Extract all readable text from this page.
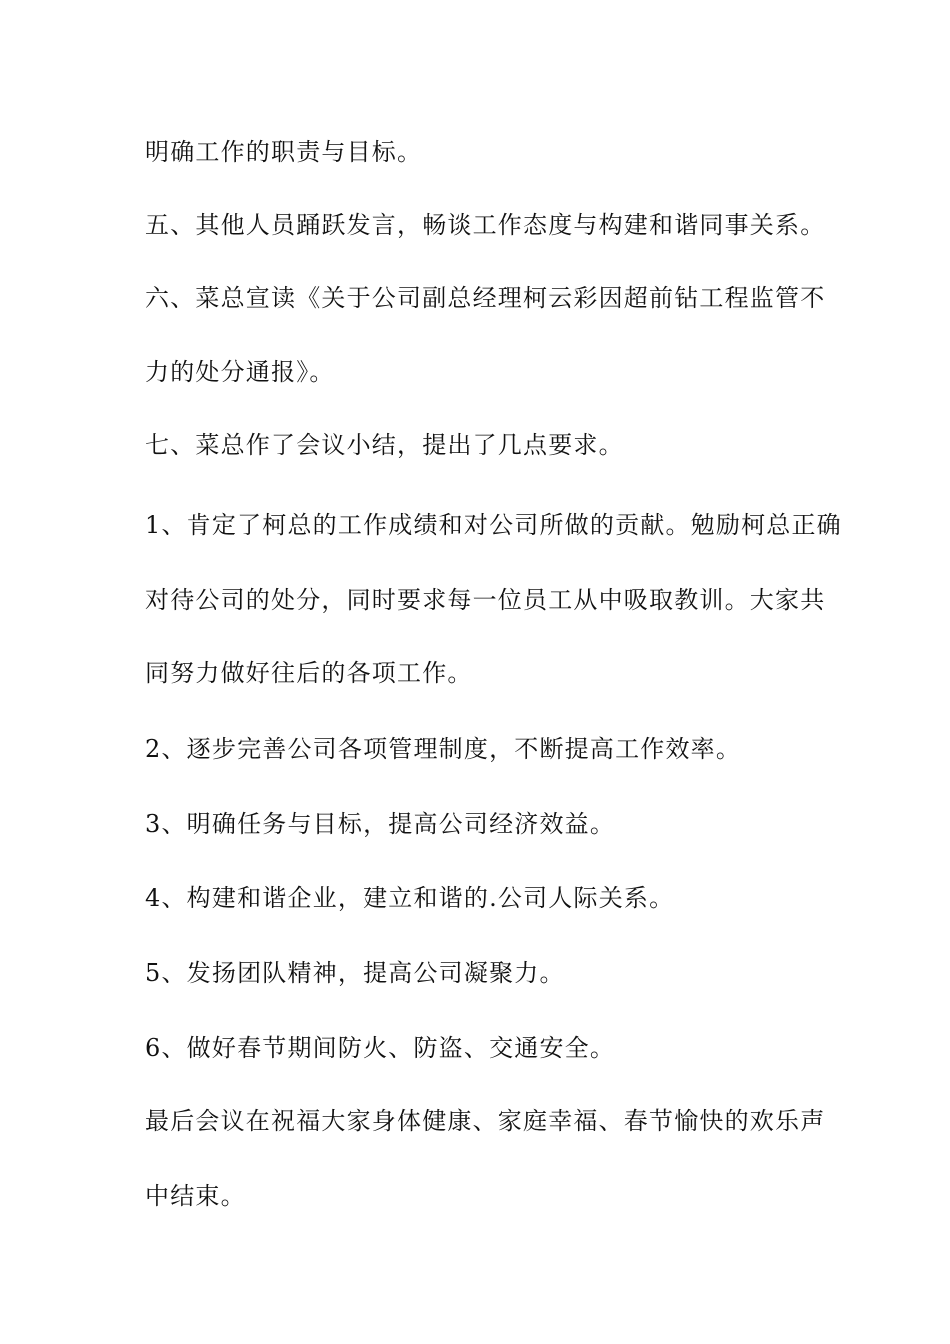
明确工作的职责与目标。
五、其他人员踊跃发言，畅谈工作态度与构建和谐同事关系。
六、菜总宣读《关于公司副总经理柯云彩因超前钻工程监管不
力的处分通报》。
七、菜总作了会议小结，提出了几点要求。
1、肯定了柯总的工作成绩和对公司所做的贡献。勉励柯总正确
对待公司的处分，同时要求每一位员工从中吸取教训。大家共
同努力做好往后的各项工作。
2、逐步完善公司各项管理制度，不断提高工作效率。
3、明确任务与目标，提高公司经济效益。
4、构建和谐企业，建立和谐的.公司人际关系。
5、发扬团队精神，提高公司凝聚力。
6、做好春节期间防火、防盗、交通安全。
最后会议在祝福大家身体健康、家庭幸福、春节愉快的欢乐声
中结束。
